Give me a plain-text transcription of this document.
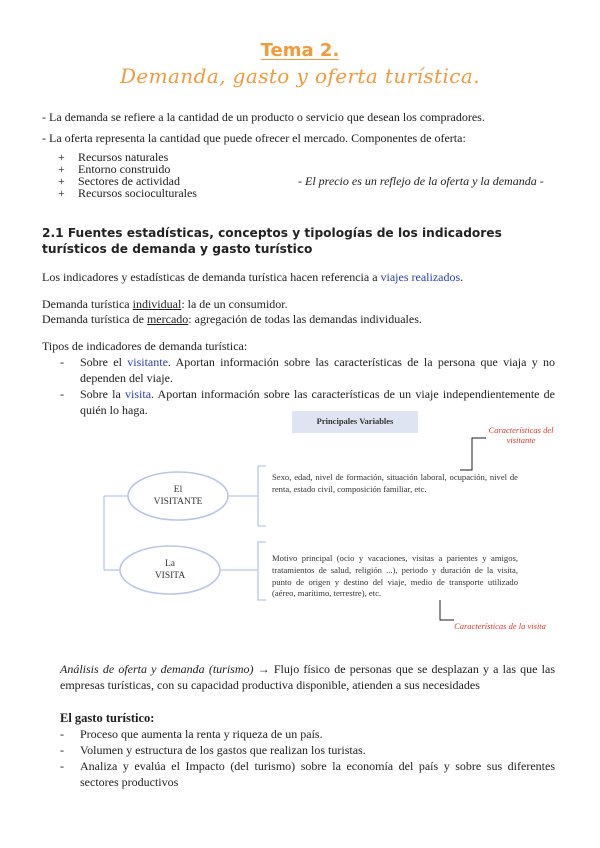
Tema 2.
Demanda, gasto y oferta turística.
- La demanda se refiere a la cantidad de un producto o servicio que desean los compradores.
- La oferta representa la cantidad que puede ofrecer el mercado. Componentes de oferta:
+ Recursos naturales
+ Entorno construido
+ Sectores de actividad
+ Recursos socioculturales
- El precio es un reflejo de la oferta y la demanda -
2.1 Fuentes estadísticas, conceptos y tipologías de los indicadores turísticos de demanda y gasto turístico
Los indicadores y estadísticas de demanda turística hacen referencia a viajes realizados.
Demanda turística individual: la de un consumidor.
Demanda turística de mercado: agregación de todas las demandas individuales.
Tipos de indicadores de demanda turística:
- Sobre el visitante. Aportan información sobre las características de la persona que viaja y no dependen del viaje.
- Sobre la visita. Aportan información sobre las características de un viaje independientemente de quién lo haga.
Principales Variables
El
VISITANTE
La
VISITA
Sexo, edad, nivel de formación, situación laboral, ocupación, nivel de renta, estado civil, composición familiar, etc.
Motivo principal (ocio y vacaciones, visitas a parientes y amigos, tratamientos de salud, religión ...), periodo y duración de la visita, punto de origen y destino del viaje, medio de transporte utilizado (aéreo, marítimo, terrestre), etc.
Características del visitante
Características de la visita
Análisis de oferta y demanda (turismo) → Flujo físico de personas que se desplazan y a las que las empresas turísticas, con su capacidad productiva disponible, atienden a sus necesidades
El gasto turístico:
- Proceso que aumenta la renta y riqueza de un país.
- Volumen y estructura de los gastos que realizan los turistas.
- Analiza y evalúa el Impacto (del turismo) sobre la economía del país y sobre sus diferentes sectores productivos
